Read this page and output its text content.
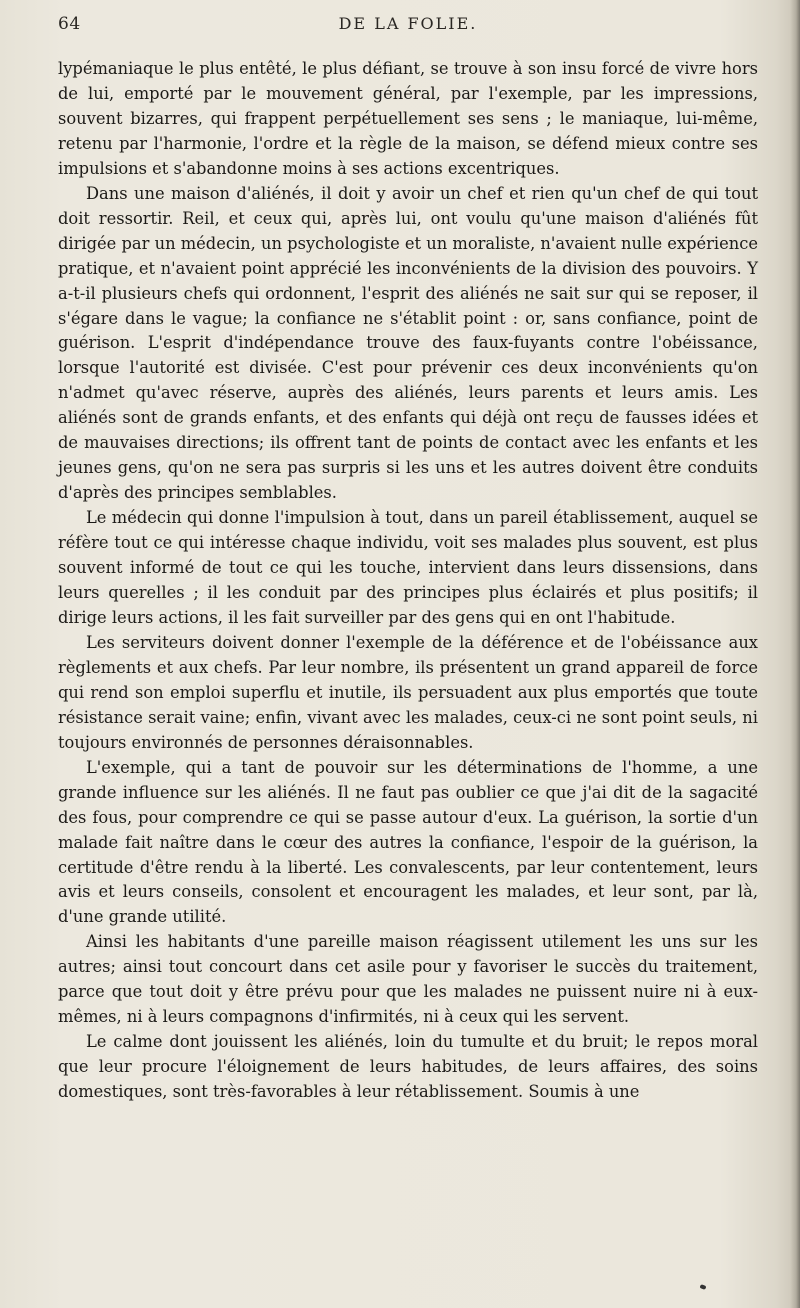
64	DE LA FOLIE.

lypémaniaque le plus entêté, le plus défiant, se trouve à son insu forcé de vivre hors de lui, emporté par le mouvement général, par l'exemple, par les impressions, souvent bizarres, qui frappent perpétuellement ses sens ; le maniaque, lui-même, retenu par l'harmonie, l'ordre et la règle de la maison, se défend mieux contre ses impulsions et s'abandonne moins à ses actions excentriques.

Dans une maison d'aliénés, il doit y avoir un chef et rien qu'un chef de qui tout doit ressortir. Reil, et ceux qui, après lui, ont voulu qu'une maison d'aliénés fût dirigée par un médecin, un psychologiste et un moraliste, n'avaient nulle expérience pratique, et n'avaient point apprécié les inconvénients de la division des pouvoirs. Y a-t-il plusieurs chefs qui ordonnent, l'esprit des aliénés ne sait sur qui se reposer, il s'égare dans le vague; la confiance ne s'établit point : or, sans confiance, point de guérison. L'esprit d'indépendance trouve des faux-fuyants contre l'obéissance, lorsque l'autorité est divisée. C'est pour prévenir ces deux inconvénients qu'on n'admet qu'avec réserve, auprès des aliénés, leurs parents et leurs amis. Les aliénés sont de grands enfants, et des enfants qui déjà ont reçu de fausses idées et de mauvaises directions; ils offrent tant de points de contact avec les enfants et les jeunes gens, qu'on ne sera pas surpris si les uns et les autres doivent être conduits d'après des principes semblables.

Le médecin qui donne l'impulsion à tout, dans un pareil établissement, auquel se réfère tout ce qui intéresse chaque individu, voit ses malades plus souvent, est plus souvent informé de tout ce qui les touche, intervient dans leurs dissensions, dans leurs querelles ; il les conduit par des principes plus éclairés et plus positifs; il dirige leurs actions, il les fait surveiller par des gens qui en ont l'habitude.

Les serviteurs doivent donner l'exemple de la déférence et de l'obéissance aux règlements et aux chefs. Par leur nombre, ils présentent un grand appareil de force qui rend son emploi superflu et inutile, ils persuadent aux plus emportés que toute résistance serait vaine; enfin, vivant avec les malades, ceux-ci ne sont point seuls, ni toujours environnés de personnes déraisonnables.

L'exemple, qui a tant de pouvoir sur les déterminations de l'homme, a une grande influence sur les aliénés. Il ne faut pas oublier ce que j'ai dit de la sagacité des fous, pour comprendre ce qui se passe autour d'eux. La guérison, la sortie d'un malade fait naître dans le cœur des autres la confiance, l'espoir de la guérison, la certitude d'être rendu à la liberté. Les convalescents, par leur contentement, leurs avis et leurs conseils, consolent et encouragent les malades, et leur sont, par là, d'une grande utilité.

Ainsi les habitants d'une pareille maison réagissent utilement les uns sur les autres; ainsi tout concourt dans cet asile pour y favoriser le succès du traitement, parce que tout doit y être prévu pour que les malades ne puissent nuire ni à eux-mêmes, ni à leurs compagnons d'infirmités, ni à ceux qui les servent.

Le calme dont jouissent les aliénés, loin du tumulte et du bruit; le repos moral que leur procure l'éloignement de leurs habitudes, de leurs affaires, des soins domestiques, sont très-favorables à leur rétablissement. Soumis à une
